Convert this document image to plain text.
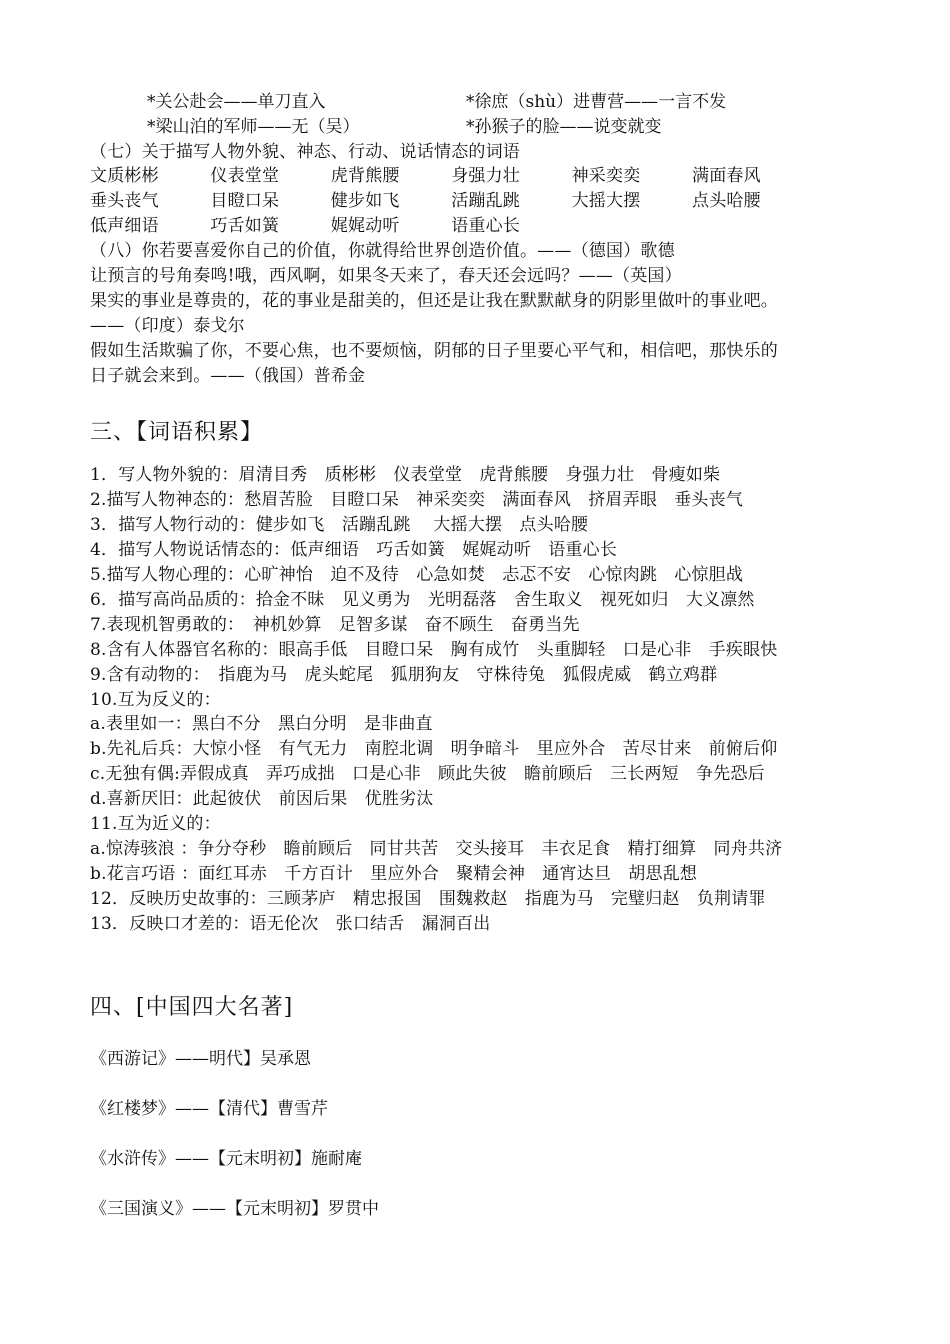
*关公赴会——单刀直入	*徐庶（shù）进曹营——一言不发
*梁山泊的军师——无（吴）	*孙猴子的脸——说变就变
（七）关于描写人物外貌、神态、行动、说话情态的词语
文质彬彬　　　仪表堂堂　　　虎背熊腰　　　身强力壮　　　神采奕奕　　　满面春风
垂头丧气　　　目瞪口呆　　　健步如飞　　　活蹦乱跳　　　大摇大摆　　　点头哈腰
低声细语　　　巧舌如簧　　　娓娓动听　　　语重心长
（八）你若要喜爱你自己的价值，你就得给世界创造价值。——（德国）歌德
让预言的号角奏鸣!哦，西风啊，如果冬天来了，春天还会远吗？——（英国）
果实的事业是尊贵的，花的事业是甜美的，但还是让我在默默献身的阴影里做叶的事业吧。
——（印度）泰戈尔
假如生活欺骗了你，不要心焦，也不要烦恼，阴郁的日子里要心平气和，相信吧，那快乐的
日子就会来到。——（俄国）普希金
三、【词语积累】
1．写人物外貌的：眉清目秀　质彬彬　仪表堂堂　虎背熊腰　身强力壮　骨瘦如柴
2.描写人物神态的：愁眉苦脸　目瞪口呆　神采奕奕　满面春风　挤眉弄眼　垂头丧气
3．描写人物行动的：健步如飞　活蹦乱跳　 大摇大摆　点头哈腰
4．描写人物说话情态的：低声细语　巧舌如簧　娓娓动听　语重心长
5.描写人物心理的：心旷神怡　迫不及待　心急如焚　忐忑不安　心惊肉跳　心惊胆战
6．描写高尚品质的：拾金不昧　见义勇为　光明磊落　舍生取义　视死如归　大义凛然
7.表现机智勇敢的：　神机妙算　足智多谋　奋不顾生　奋勇当先
8.含有人体器官名称的：眼高手低　目瞪口呆　胸有成竹　头重脚轻　口是心非　手疾眼快
9.含有动物的：　指鹿为马　虎头蛇尾　狐朋狗友　守株待兔　狐假虎威　鹤立鸡群
10.互为反义的：
a.表里如一：黑白不分　黑白分明　是非曲直
b.先礼后兵：大惊小怪　有气无力　南腔北调　明争暗斗　里应外合　苦尽甘来　前俯后仰
c.无独有偶:弄假成真　弄巧成拙　口是心非　顾此失彼　瞻前顾后　三长两短　争先恐后
d.喜新厌旧：此起彼伏　前因后果　优胜劣汰
11.互为近义的：
a.惊涛骇浪 ：争分夺秒　瞻前顾后　同甘共苦　交头接耳　丰衣足食　精打细算　同舟共济
b.花言巧语 ：面红耳赤　千方百计　里应外合　聚精会神　通宵达旦　胡思乱想
12．反映历史故事的：三顾茅庐　精忠报国　围魏救赵　指鹿为马　完璧归赵　负荆请罪
13．反映口才差的：语无伦次　张口结舌　漏洞百出
四、[中国四大名著]
《西游记》——明代】吴承恩
《红楼梦》——【清代】曹雪芹
《水浒传》——【元末明初】施耐庵
《三国演义》——【元末明初】罗贯中
